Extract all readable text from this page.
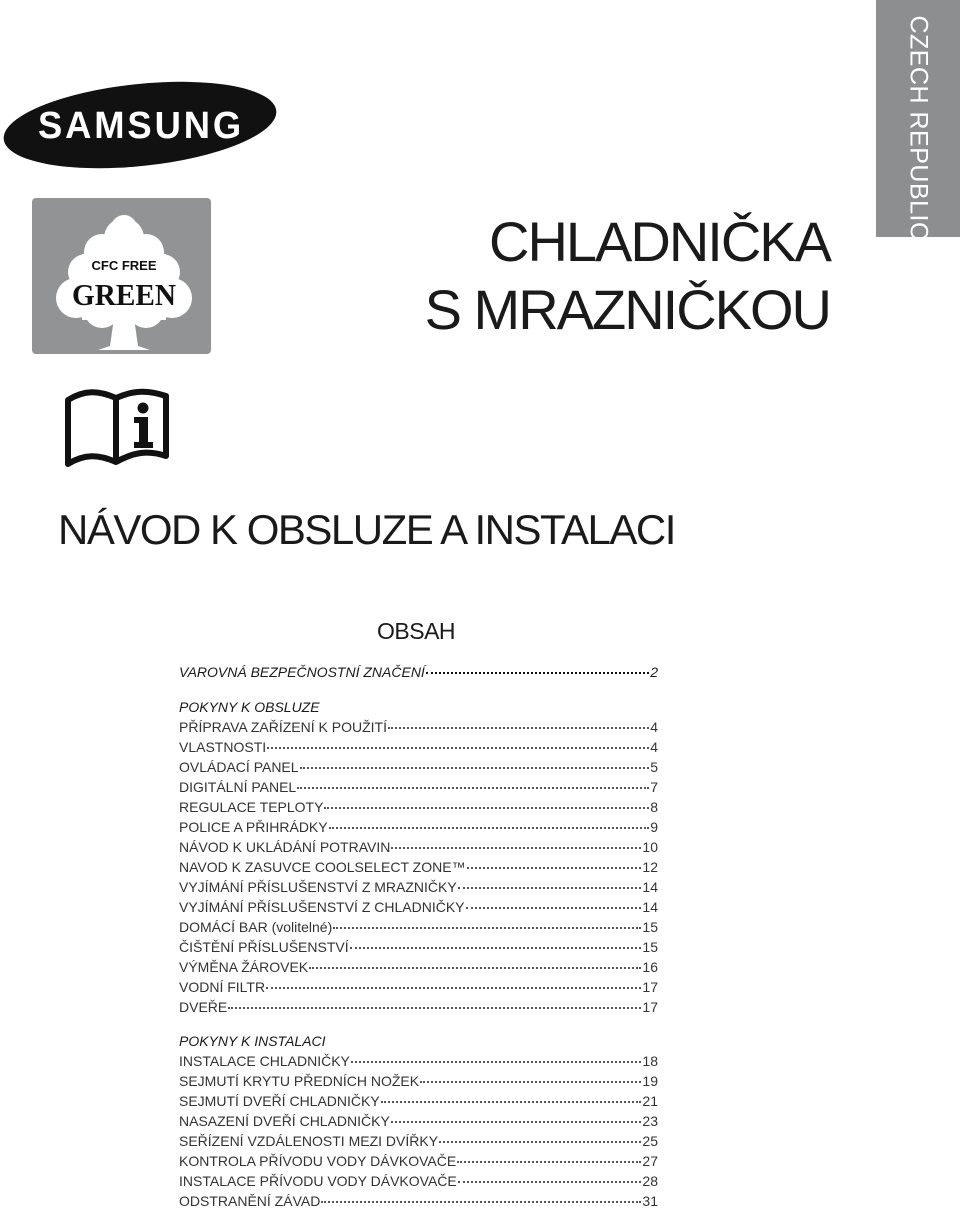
SAMSUNG
CFC FREE
GREEN
CZECH REPUBLIC
CHLADNIČKA
S MRAZNIČKOU
NÁVOD K OBSLUZE A INSTALACI
OBSAH
VAROVNÁ BEZPEČNOSTNÍ ZNAČENÍ	2
POKYNY K OBSLUZE
PŘÍPRAVA ZAŘÍZENÍ K POUŽITÍ	4
VLASTNOSTI	4
OVLÁDACÍ PANEL	5
DIGITÁLNÍ PANEL	7
REGULACE TEPLOTY	8
POLICE A PŘIHRÁDKY	9
NÁVOD K UKLÁDÁNÍ POTRAVIN	10
NAVOD K ZASUVCE COOLSELECT ZONE™	12
VYJÍMÁNÍ PŘÍSLUŠENSTVÍ Z MRAZNIČKY	14
VYJÍMÁNÍ PŘÍSLUŠENSTVÍ Z CHLADNIČKY	14
DOMÁCÍ BAR (volitelné)	15
ČIŠTĚNÍ PŘÍSLUŠENSTVÍ	15
VÝMĚNA ŽÁROVEK	16
VODNÍ FILTR	17
DVEŘE	17
POKYNY K INSTALACI
INSTALACE CHLADNIČKY	18
SEJMUTÍ KRYTU PŘEDNÍCH NOŽEK	19
SEJMUTÍ DVEŘÍ CHLADNIČKY	21
NASAZENÍ DVEŘÍ CHLADNIČKY	23
SEŘÍZENÍ VZDÁLENOSTI MEZI DVÍŘKY	25
KONTROLA PŘÍVODU VODY DÁVKOVAČE	27
INSTALACE PŘÍVODU VODY DÁVKOVAČE	28
ODSTRANĚNÍ ZÁVAD	31
